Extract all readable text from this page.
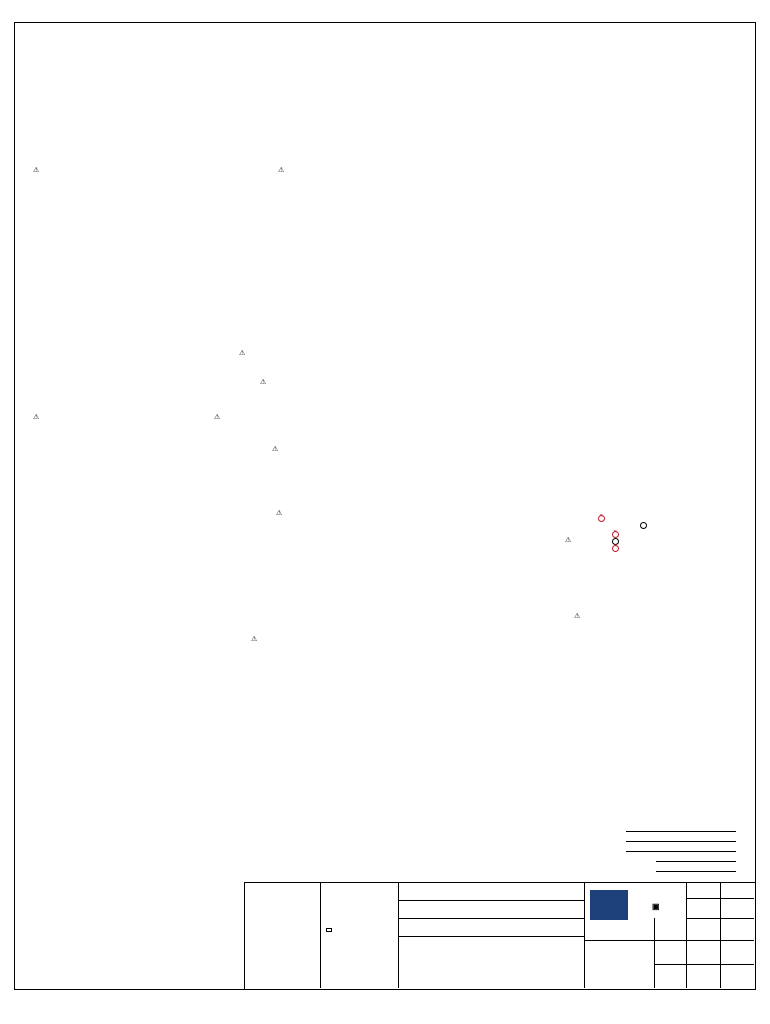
⚠	⚠
⚠
⚠
⚠	⚠
⚠
⚠
⚠
⚠
⚠
✕
✕
✕
▣
